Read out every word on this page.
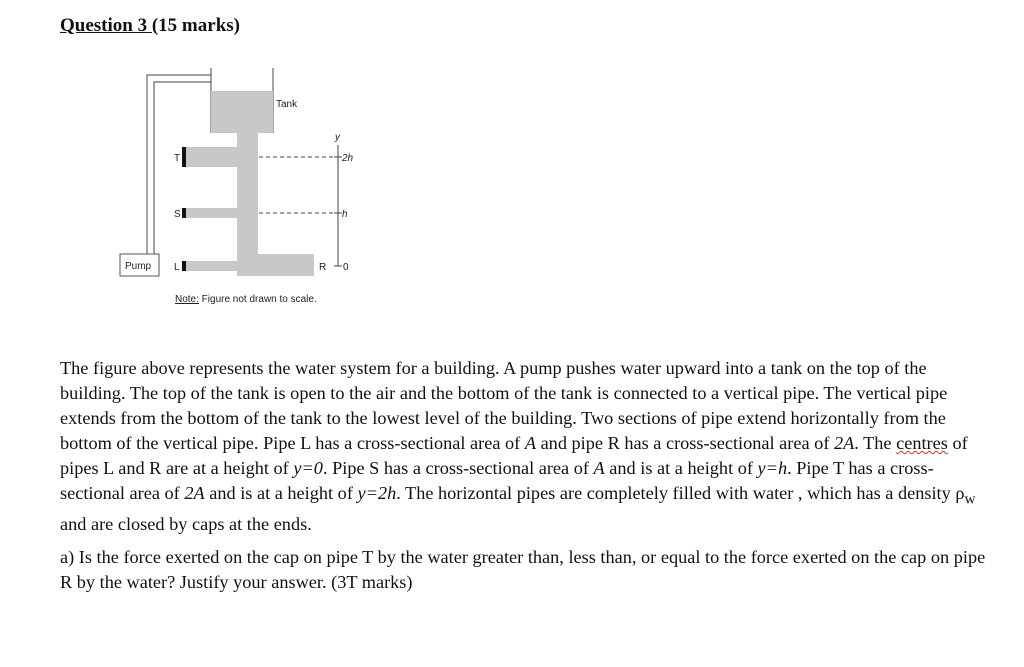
Question 3 (15 marks)
Tank
Pump
T
S
L	R
y
2h
h
0
Note: Figure not drawn to scale.

The figure above represents the water system for a building. A pump pushes water upward into a tank on the top of the building. The top of the tank is open to the air and the bottom of the tank is connected to a vertical pipe. The vertical pipe extends from the bottom of the tank to the lowest level of the building. Two sections of pipe extend horizontally from the bottom of the vertical pipe. Pipe L has a cross-sectional area of A and pipe R has a cross-sectional area of 2A. The centres of pipes L and R are at a height of y=0. Pipe S has a cross-sectional area of A and is at a height of y=h. Pipe T has a cross-sectional area of 2A and is at a height of y=2h. The horizontal pipes are completely filled with water , which has a density $\rho_w$ and are closed by caps at the ends.

a) Is the force exerted on the cap on pipe T by the water greater than, less than, or equal to the force exerted on the cap on pipe R by the water? Justify your answer. (3T marks)
